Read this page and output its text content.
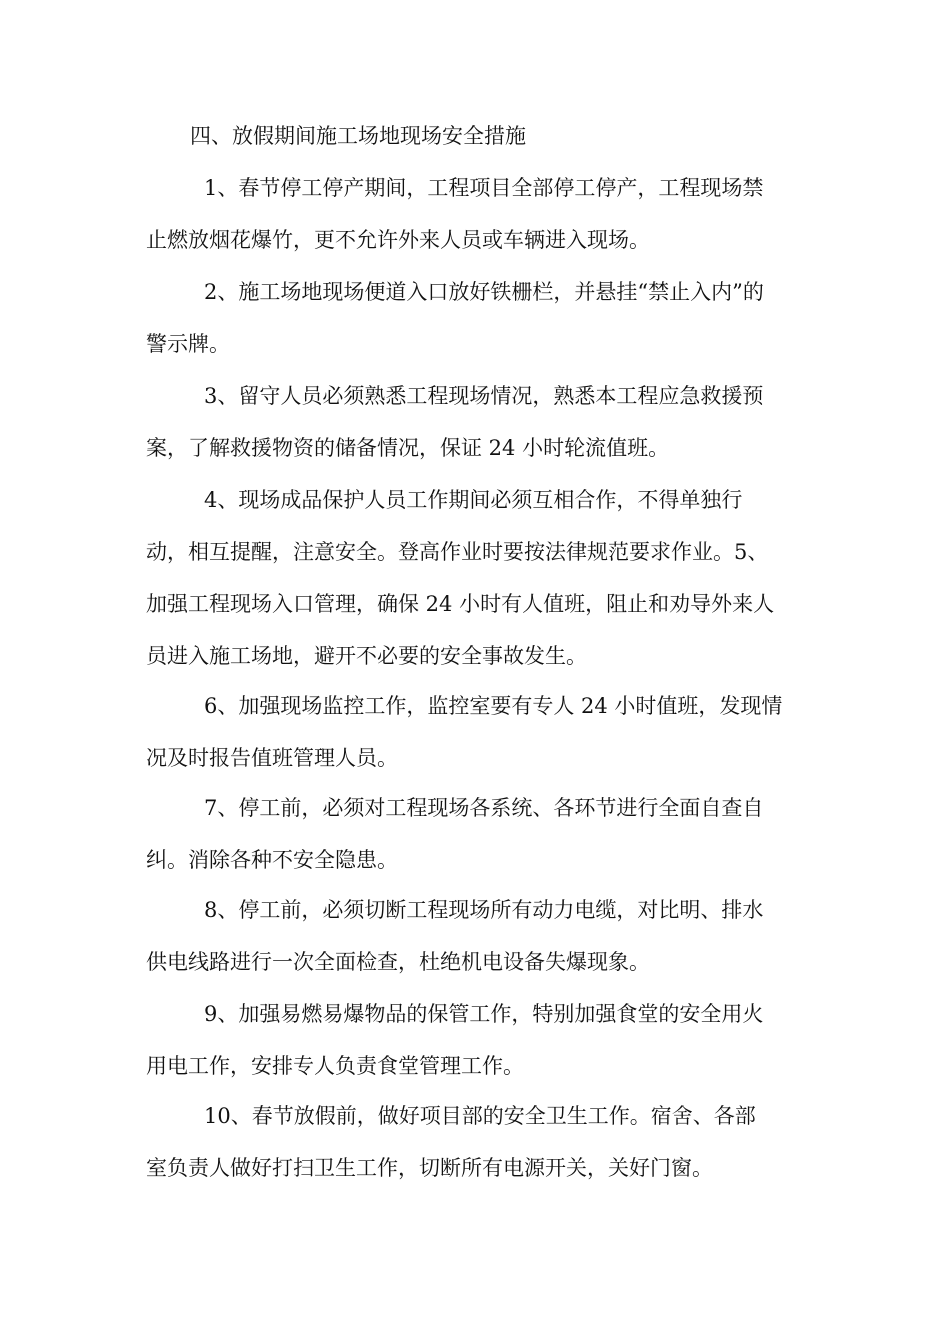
四、放假期间施工场地现场安全措施
1、春节停工停产期间，工程项目全部停工停产，工程现场禁
止燃放烟花爆竹，更不允许外来人员或车辆进入现场。
2、施工场地现场便道入口放好铁栅栏，并悬挂“禁止入内”的
警示牌。
3、留守人员必须熟悉工程现场情况，熟悉本工程应急救援预
案，了解救援物资的储备情况，保证 24 小时轮流值班。
4、现场成品保护人员工作期间必须互相合作，不得单独行
动，相互提醒，注意安全。登高作业时要按法律规范要求作业。5、
加强工程现场入口管理，确保 24 小时有人值班，阻止和劝导外来人
员进入施工场地，避开不必要的安全事故发生。
6、加强现场监控工作，监控室要有专人 24 小时值班，发现情
况及时报告值班管理人员。
7、停工前，必须对工程现场各系统、各环节进行全面自查自
纠。消除各种不安全隐患。
8、停工前，必须切断工程现场所有动力电缆，对比明、排水
供电线路进行一次全面检查，杜绝机电设备失爆现象。
9、加强易燃易爆物品的保管工作，特别加强食堂的安全用火
用电工作，安排专人负责食堂管理工作。
10、春节放假前，做好项目部的安全卫生工作。宿舍、各部
室负责人做好打扫卫生工作，切断所有电源开关，关好门窗。
